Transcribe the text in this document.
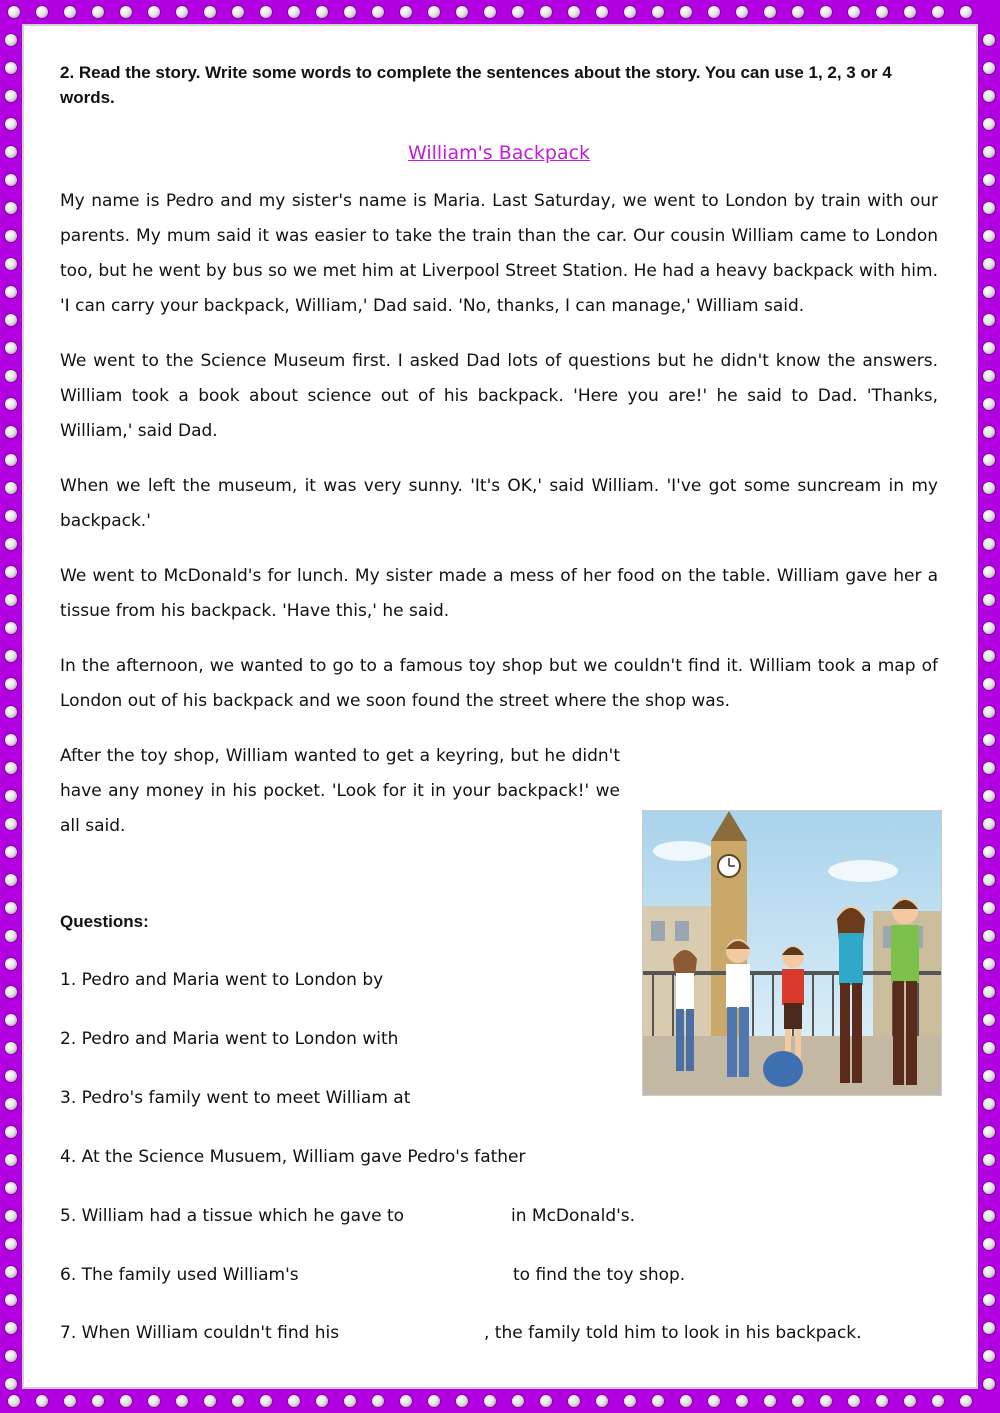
2. Read the story. Write some words to complete the sentences about the story. You can use 1, 2, 3 or 4 words.

William's Backpack

My name is Pedro and my sister's name is Maria. Last Saturday, we went to London by train with our parents. My mum said it was easier to take the train than the car. Our cousin William came to London too, but he went by bus so we met him at Liverpool Street Station. He had a heavy backpack with him. 'I can carry your backpack, William,' Dad said. 'No, thanks, I can manage,' William said.

We went to the Science Museum first. I asked Dad lots of questions but he didn't know the answers. William took a book about science out of his backpack. 'Here you are!' he said to Dad. 'Thanks, William,' said Dad.

When we left the museum, it was very sunny. 'It's OK,' said William. 'I've got some suncream in my backpack.'

We went to McDonald's for lunch. My sister made a mess of her food on the table. William gave her a tissue from his backpack. 'Have this,' he said.

In the afternoon, we wanted to go to a famous toy shop but we couldn't find it. William took a map of London out of his backpack and we soon found the street where the shop was.

After the toy shop, William wanted to get a keyring, but he didn't have any money in his pocket. 'Look for it in your backpack!' we all said.

Questions:
1. Pedro and Maria went to London by
2. Pedro and Maria went to London with
3. Pedro's family went to meet William at
4. At the Science Musuem, William gave Pedro's father
5. William had a tissue which he gave to	in McDonald's.
6. The family used William's	to find the toy shop.
7. When William couldn't find his	, the family told him to look in his backpack.
